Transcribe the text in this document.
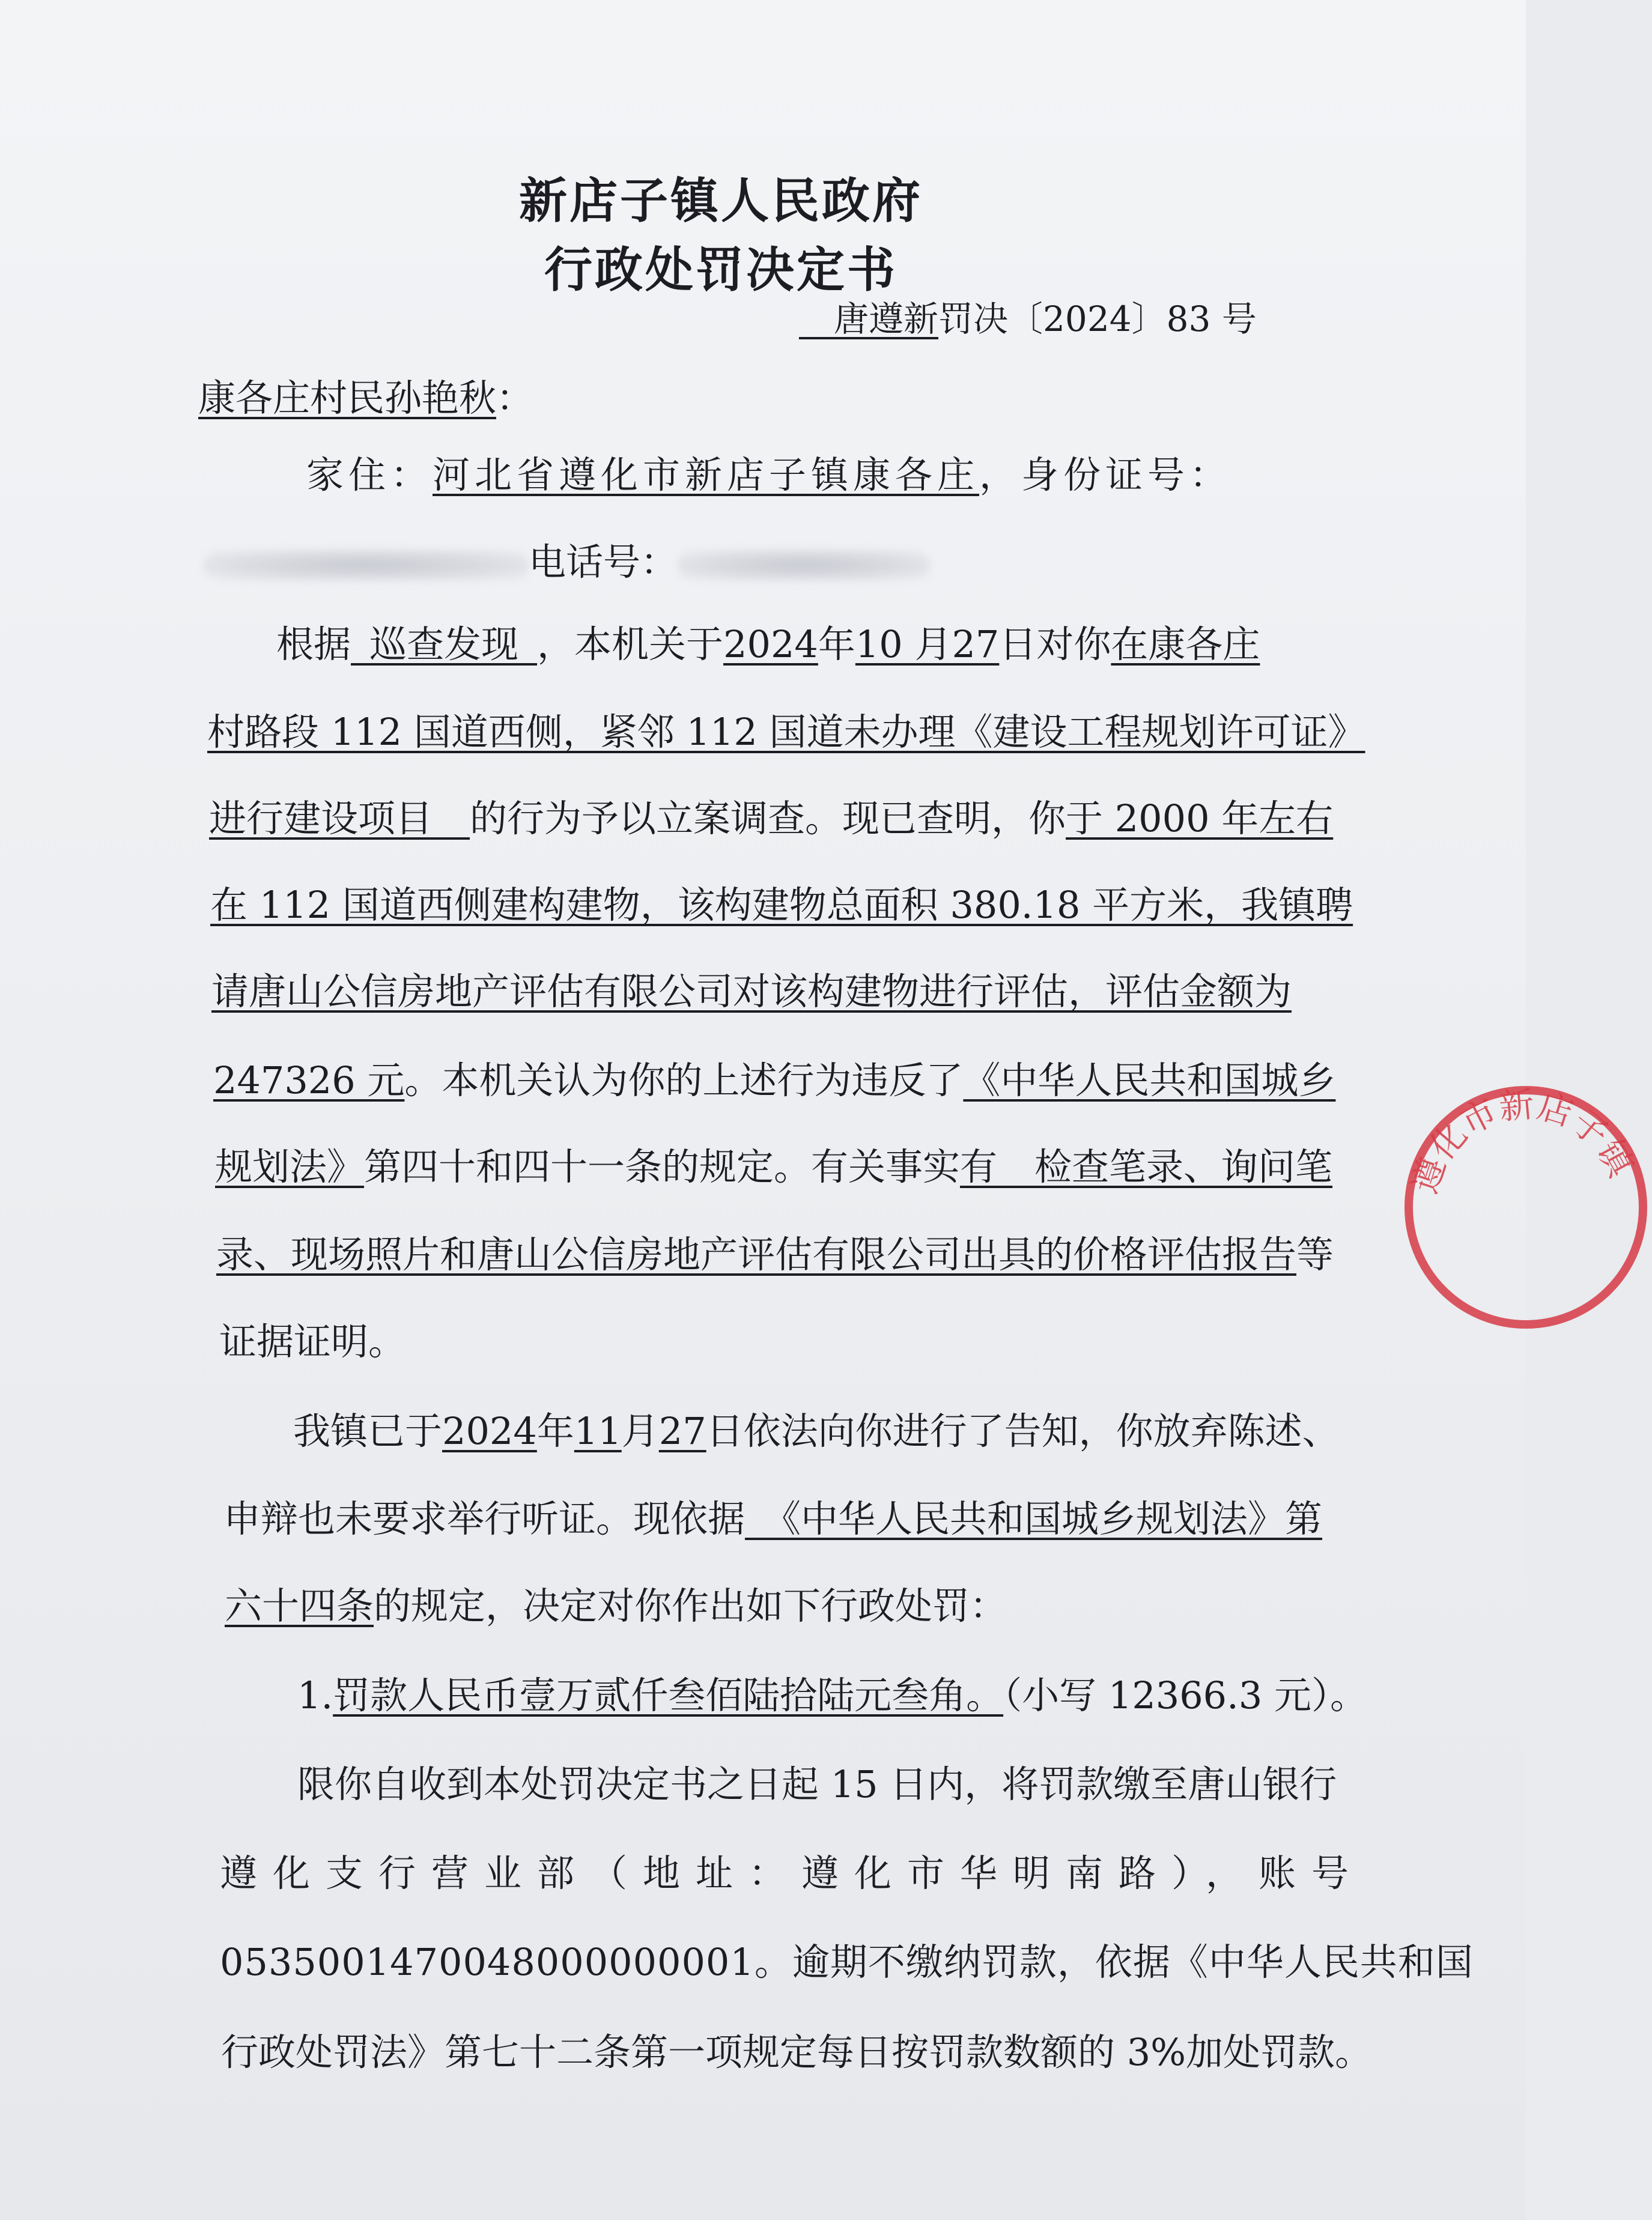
新店子镇人民政府
行政处罚决定书
 唐遵新罚决〔2024〕83 号
康各庄村民孙艳秋：
家住：河北省遵化市新店子镇康各庄，身份证号：
电话号：
根据  巡查发现  ，本机关于2024年10 月27日对你在康各庄
村路段 112 国道西侧，紧邻 112 国道未办理《建设工程规划许可证》
进行建设项目  的行为予以立案调查。现已查明，你于 2000 年左右
在 112 国道西侧建构建物，该构建物总面积 380.18 平方米，我镇聘
请唐山公信房地产评估有限公司对该构建物进行评估，评估金额为
247326 元。本机关认为你的上述行为违反了《中华人民共和国城乡
规划法》第四十和四十一条的规定。有关事实有　检查笔录、询问笔
录、现场照片和唐山公信房地产评估有限公司出具的价格评估报告等
证据证明。
我镇已于2024年11月27日依法向你进行了告知，你放弃陈述、
申辩也未要求举行听证。现依据  《中华人民共和国城乡规划法》第
六十四条的规定，决定对你作出如下行政处罚：
1.罚款人民币壹万贰仟叁佰陆拾陆元叁角。（小写 12366.3 元）。
限你自收到本处罚决定书之日起 15 日内，将罚款缴至唐山银行
遵化支行营业部（地址：遵化市华明南路），账号
0535001470048000000001。逾期不缴纳罚款，依据《中华人民共和国
行政处罚法》第七十二条第一项规定每日按罚款数额的 3%加处罚款。
遵化市新店子镇
